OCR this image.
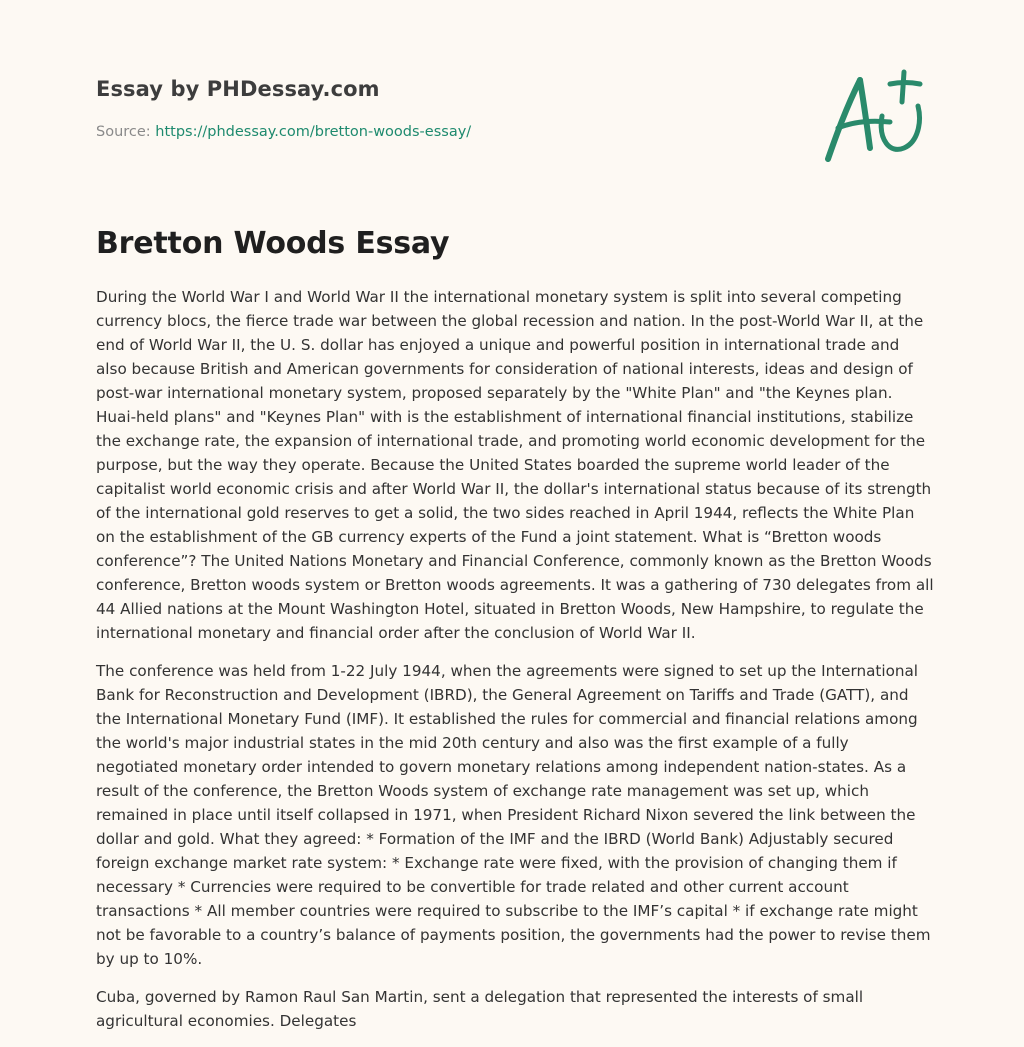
Essay by PHDessay.com
Source: https://phdessay.com/bretton-woods-essay/
Bretton Woods Essay

During the World War I and World War II the international monetary system is split into several competing currency blocs, the fierce trade war between the global recession and nation. In the post-World War II, at the end of World War II, the U. S. dollar has enjoyed a unique and powerful position in international trade and also because British and American governments for consideration of national interests, ideas and design of post-war international monetary system, proposed separately by the "White Plan" and "the Keynes plan. Huai-held plans" and "Keynes Plan" with is the establishment of international financial institutions, stabilize the exchange rate, the expansion of international trade, and promoting world economic development for the purpose, but the way they operate. Because the United States boarded the supreme world leader of the capitalist world economic crisis and after World War II, the dollar's international status because of its strength of the international gold reserves to get a solid, the two sides reached in April 1944, reflects the White Plan on the establishment of the GB currency experts of the Fund a joint statement. What is “Bretton woods conference”? The United Nations Monetary and Financial Conference, commonly known as the Bretton Woods conference, Bretton woods system or Bretton woods agreements. It was a gathering of 730 delegates from all 44 Allied nations at the Mount Washington Hotel, situated in Bretton Woods, New Hampshire, to regulate the international monetary and financial order after the conclusion of World War II.

The conference was held from 1-22 July 1944, when the agreements were signed to set up the International Bank for Reconstruction and Development (IBRD), the General Agreement on Tariffs and Trade (GATT), and the International Monetary Fund (IMF). It established the rules for commercial and financial relations among the world's major industrial states in the mid 20th century and also was the first example of a fully negotiated monetary order intended to govern monetary relations among independent nation-states. As a result of the conference, the Bretton Woods system of exchange rate management was set up, which remained in place until itself collapsed in 1971, when President Richard Nixon severed the link between the dollar and gold. What they agreed: * Formation of the IMF and the IBRD (World Bank) Adjustably secured foreign exchange market rate system: * Exchange rate were fixed, with the provision of changing them if necessary * Currencies were required to be convertible for trade related and other current account transactions * All member countries were required to subscribe to the IMF’s capital * if exchange rate might not be favorable to a country’s balance of payments position, the governments had the power to revise them by up to 10%.

Cuba, governed by Ramon Raul San Martin, sent a delegation that represented the interests of small agricultural economies. Delegates
